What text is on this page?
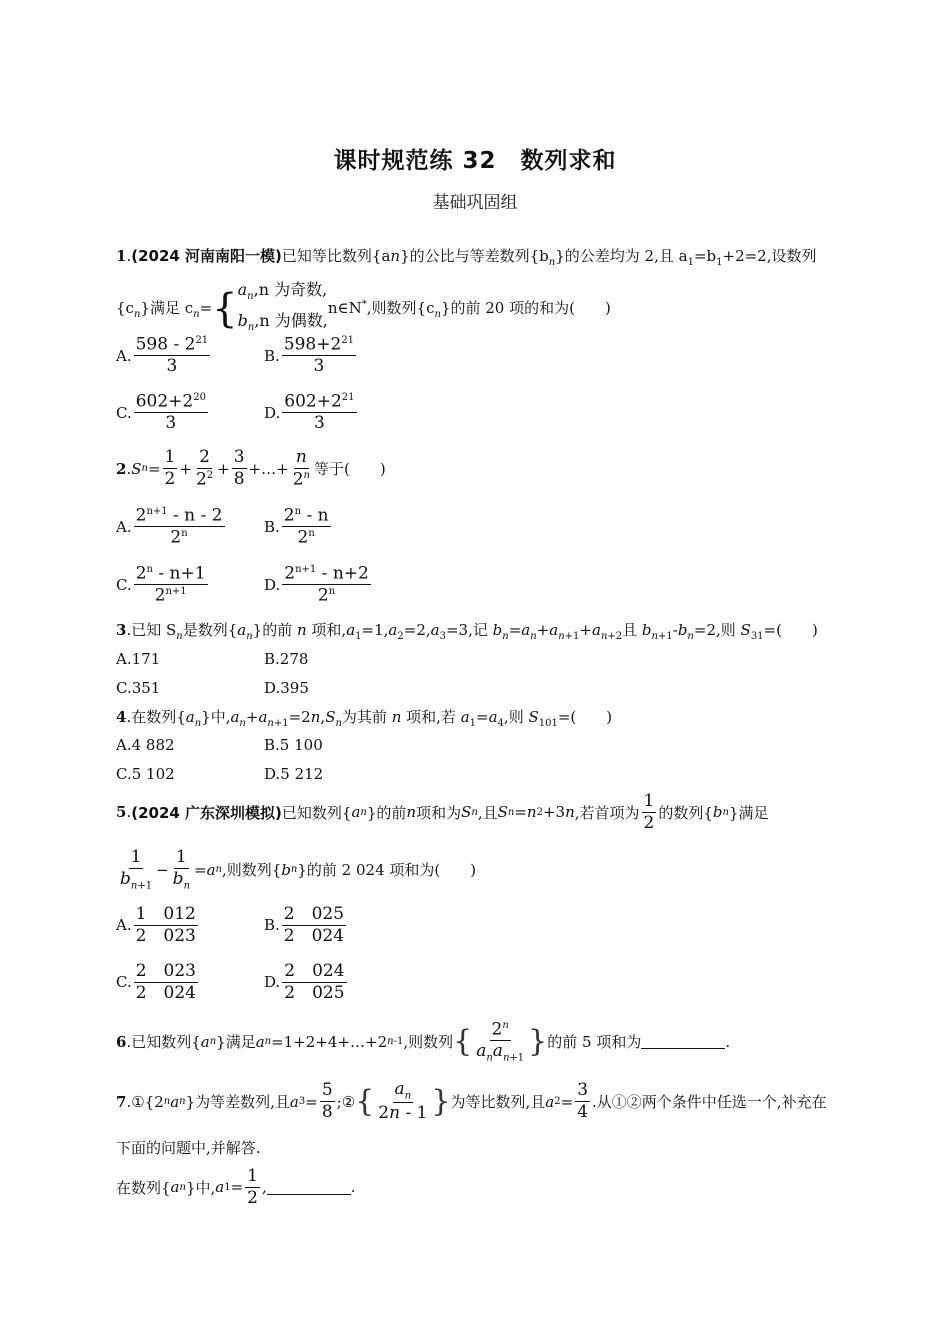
课时规范练 32　数列求和
基础巩固组
1.(2024 河南南阳一模)已知等比数列{an}的公比与等差数列$\{b_n\}$的公差均为 2,且 $a_1=b_1+2=2$,设数列
$\{c_n\}$满足 $c_n=${ $a_n,n$ 为奇数,
$b_n,n$ 为偶数,
n∈N*,则数列$\{c_n\}$的前 20 项的和为(　　)
A. $\frac{598 - 2^{21}}{3}$	B. $\frac{598+2^{21}}{3}$
C. $\frac{602+2^{20}}{3}$	D. $\frac{602+2^{21}}{3}$
2 . S $n = \frac{1}{2} + \frac{2}{2^2} + \frac{3}{8}$ +…+ $\frac{n}{2^n}$ 等于(　　)
A. $\frac{2^{n+1} - n - 2}{2^n}$	B. $\frac{2^n - n}{2^n}$
C. $\frac{2^n - n+1}{2^{n+1}}$	D. $\frac{2^{n+1} - n+2}{2^n}$
3.已知 $S_n$是数列$\{a_n\}$的前 n 项和$,a_1=1,a_2=2,a_3=3$,记 $b_n=a_n+a_{n+1}+a_{n+2}$且 $b_{n+1}-b_n=2$,则 $S_{31}=$(　　)
A.171	B.278
C.351	D.395
4.在数列$\{a_n\}$中$,a_n+a_{n+1}=2n,S_n$为其前 n 项和,若 $a_1=a_4$,则 $S_{101}=$(　　)
A.4 882	B.5 100
C.5 102	D.5 212
5 . (2024 广东深圳模拟) 已知数列{ a n }的前 n 项和为 S n ,且 S n = n 2 +3 n ,若首项为 $\frac{1}{2}$ 的数列{ b n }满足
$\frac{1}{b_{n+1}} - \frac{1}{b_n} = a$ n ,则数列{ b n }的前 2 024 项和为(　　)
A. $\frac{1 012}{2 023}$	B. $\frac{2 025}{2 024}$
C. $\frac{2 023}{2 024}$	D. $\frac{2 024}{2 025}$
6 .已知数列{ a n }满足 a n =1+2+4+…+2 n-1 ,则数列 { $\frac{2^n}{a_na_{n+1}}$ } 的前 5 项和为	.
7 .①{2 n a n }为等差数列,且 a $3 = \frac{5}{8}$ ;② { $\frac{a_n}{2n - 1}$ } 为等比数列,且 a $2 = \frac{3}{4}$ .从①②两个条件中任选一个,补充在
下面的问题中,并解答.
在数列{ a n }中, a $1 = \frac{1}{2}$ ,	.
